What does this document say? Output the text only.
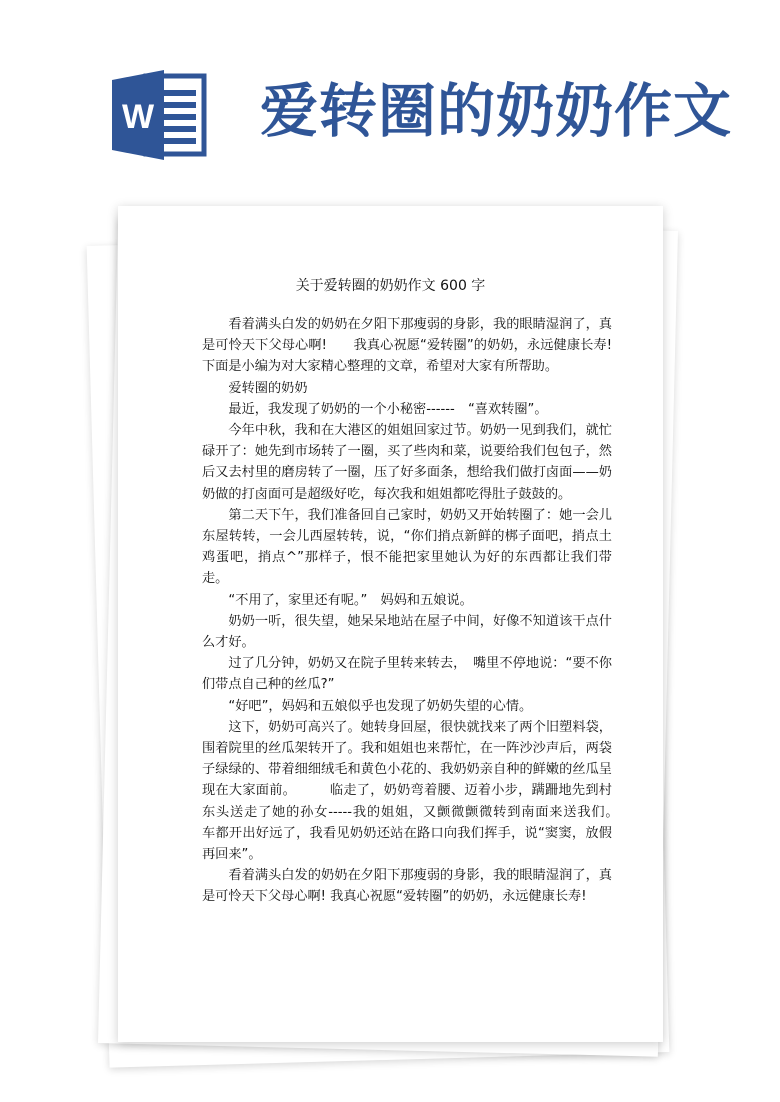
W 爱转圈的奶奶作文
关于爱转圈的奶奶作文 600 字

看着满头白发的奶奶在夕阳下那瘦弱的身影，我的眼睛湿润了，真是可怜天下父母心啊!　　我真心祝愿“爱转圈”的奶奶，永远健康长寿!　下面是小编为对大家精心整理的文章，希望对大家有所帮助。

爱转圈的奶奶

最近，我发现了奶奶的一个小秘密------　“喜欢转圈”。

今年中秋，我和在大港区的姐姐回家过节。奶奶一见到我们，就忙碌开了：她先到市场转了一圈，买了些肉和菜，说要给我们包包子，然后又去村里的磨房转了一圈，压了好多面条，想给我们做打卤面——奶奶做的打卤面可是超级好吃，每次我和姐姐都吃得肚子鼓鼓的。

第二天下午，我们准备回自己家时，奶奶又开始转圈了：她一会儿东屋转转，一会儿西屋转转，说，“你们捎点新鲜的梆子面吧，捎点土鸡蛋吧，捎点^”那样子，恨不能把家里她认为好的东西都让我们带走。

“不用了，家里还有呢。”　妈妈和五娘说。

奶奶一听，很失望，她呆呆地站在屋子中间，好像不知道该干点什么才好。

过了几分钟，奶奶又在院子里转来转去，　嘴里不停地说：“要不你们带点自己种的丝瓜?”

“好吧”，妈妈和五娘似乎也发现了奶奶失望的心情。

这下，奶奶可高兴了。她转身回屋，很快就找来了两个旧塑料袋，围着院里的丝瓜架转开了。我和姐姐也来帮忙，在一阵沙沙声后，两袋子绿绿的、带着细细绒毛和黄色小花的、我奶奶亲自种的鲜嫩的丝瓜呈现在大家面前。　　　临走了，奶奶弯着腰、迈着小步，蹒跚地先到村东头送走了她的孙女-----我的姐姐，又颤微颤微转到南面来送我们。　车都开出好远了，我看见奶奶还站在路口向我们挥手，说“窦窦，放假再回来”。

看着满头白发的奶奶在夕阳下那瘦弱的身影，我的眼睛湿润了，真是可怜天下父母心啊! 我真心祝愿“爱转圈”的奶奶，永远健康长寿!
